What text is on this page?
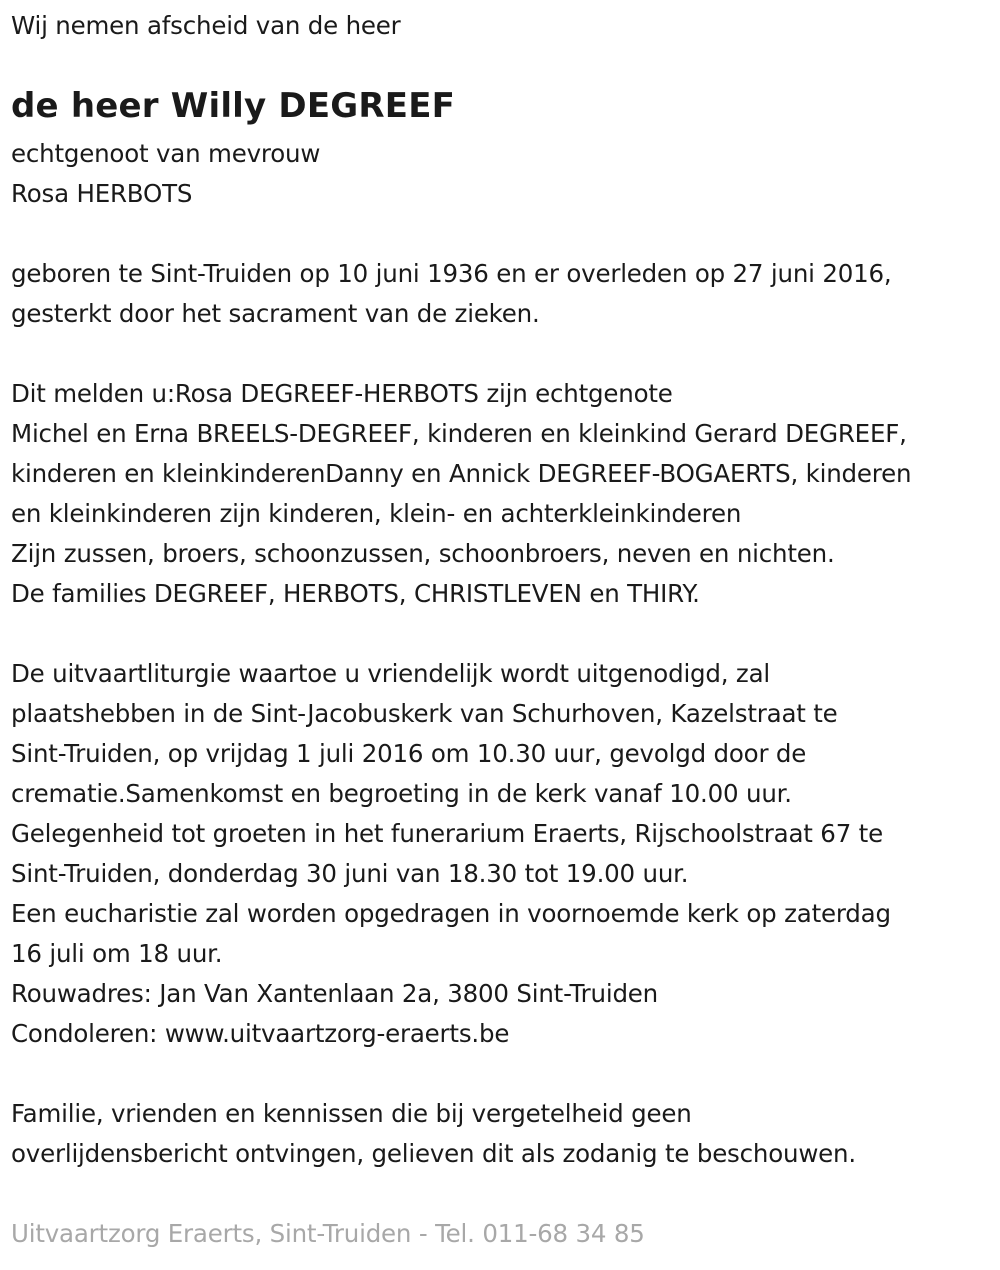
Wij nemen afscheid van de heer
de heer Willy DEGREEF
echtgenoot van mevrouw
Rosa HERBOTS
geboren te Sint-Truiden op 10 juni 1936 en er overleden op 27 juni 2016,
gesterkt door het sacrament van de zieken.
Dit melden u:Rosa DEGREEF-HERBOTS zijn echtgenote
Michel en Erna BREELS-DEGREEF, kinderen en kleinkind Gerard DEGREEF,
kinderen en kleinkinderenDanny en Annick DEGREEF-BOGAERTS, kinderen
en kleinkinderen zijn kinderen, klein- en achterkleinkinderen
Zijn zussen, broers, schoonzussen, schoonbroers, neven en nichten.
De families DEGREEF, HERBOTS, CHRISTLEVEN en THIRY.
De uitvaartliturgie waartoe u vriendelijk wordt uitgenodigd, zal
plaatshebben in de Sint-Jacobuskerk van Schurhoven, Kazelstraat te
Sint-Truiden, op vrijdag 1 juli 2016 om 10.30 uur, gevolgd door de
crematie.Samenkomst en begroeting in de kerk vanaf 10.00 uur.
Gelegenheid tot groeten in het funerarium Eraerts, Rijschoolstraat 67 te
Sint-Truiden, donderdag 30 juni van 18.30 tot 19.00 uur.
Een eucharistie zal worden opgedragen in voornoemde kerk op zaterdag
16 juli om 18 uur.
Rouwadres: Jan Van Xantenlaan 2a, 3800 Sint-Truiden
Condoleren: www.uitvaartzorg-eraerts.be
Familie, vrienden en kennissen die bij vergetelheid geen
overlijdensbericht ontvingen, gelieven dit als zodanig te beschouwen.
Uitvaartzorg Eraerts, Sint-Truiden - Tel. 011-68 34 85
